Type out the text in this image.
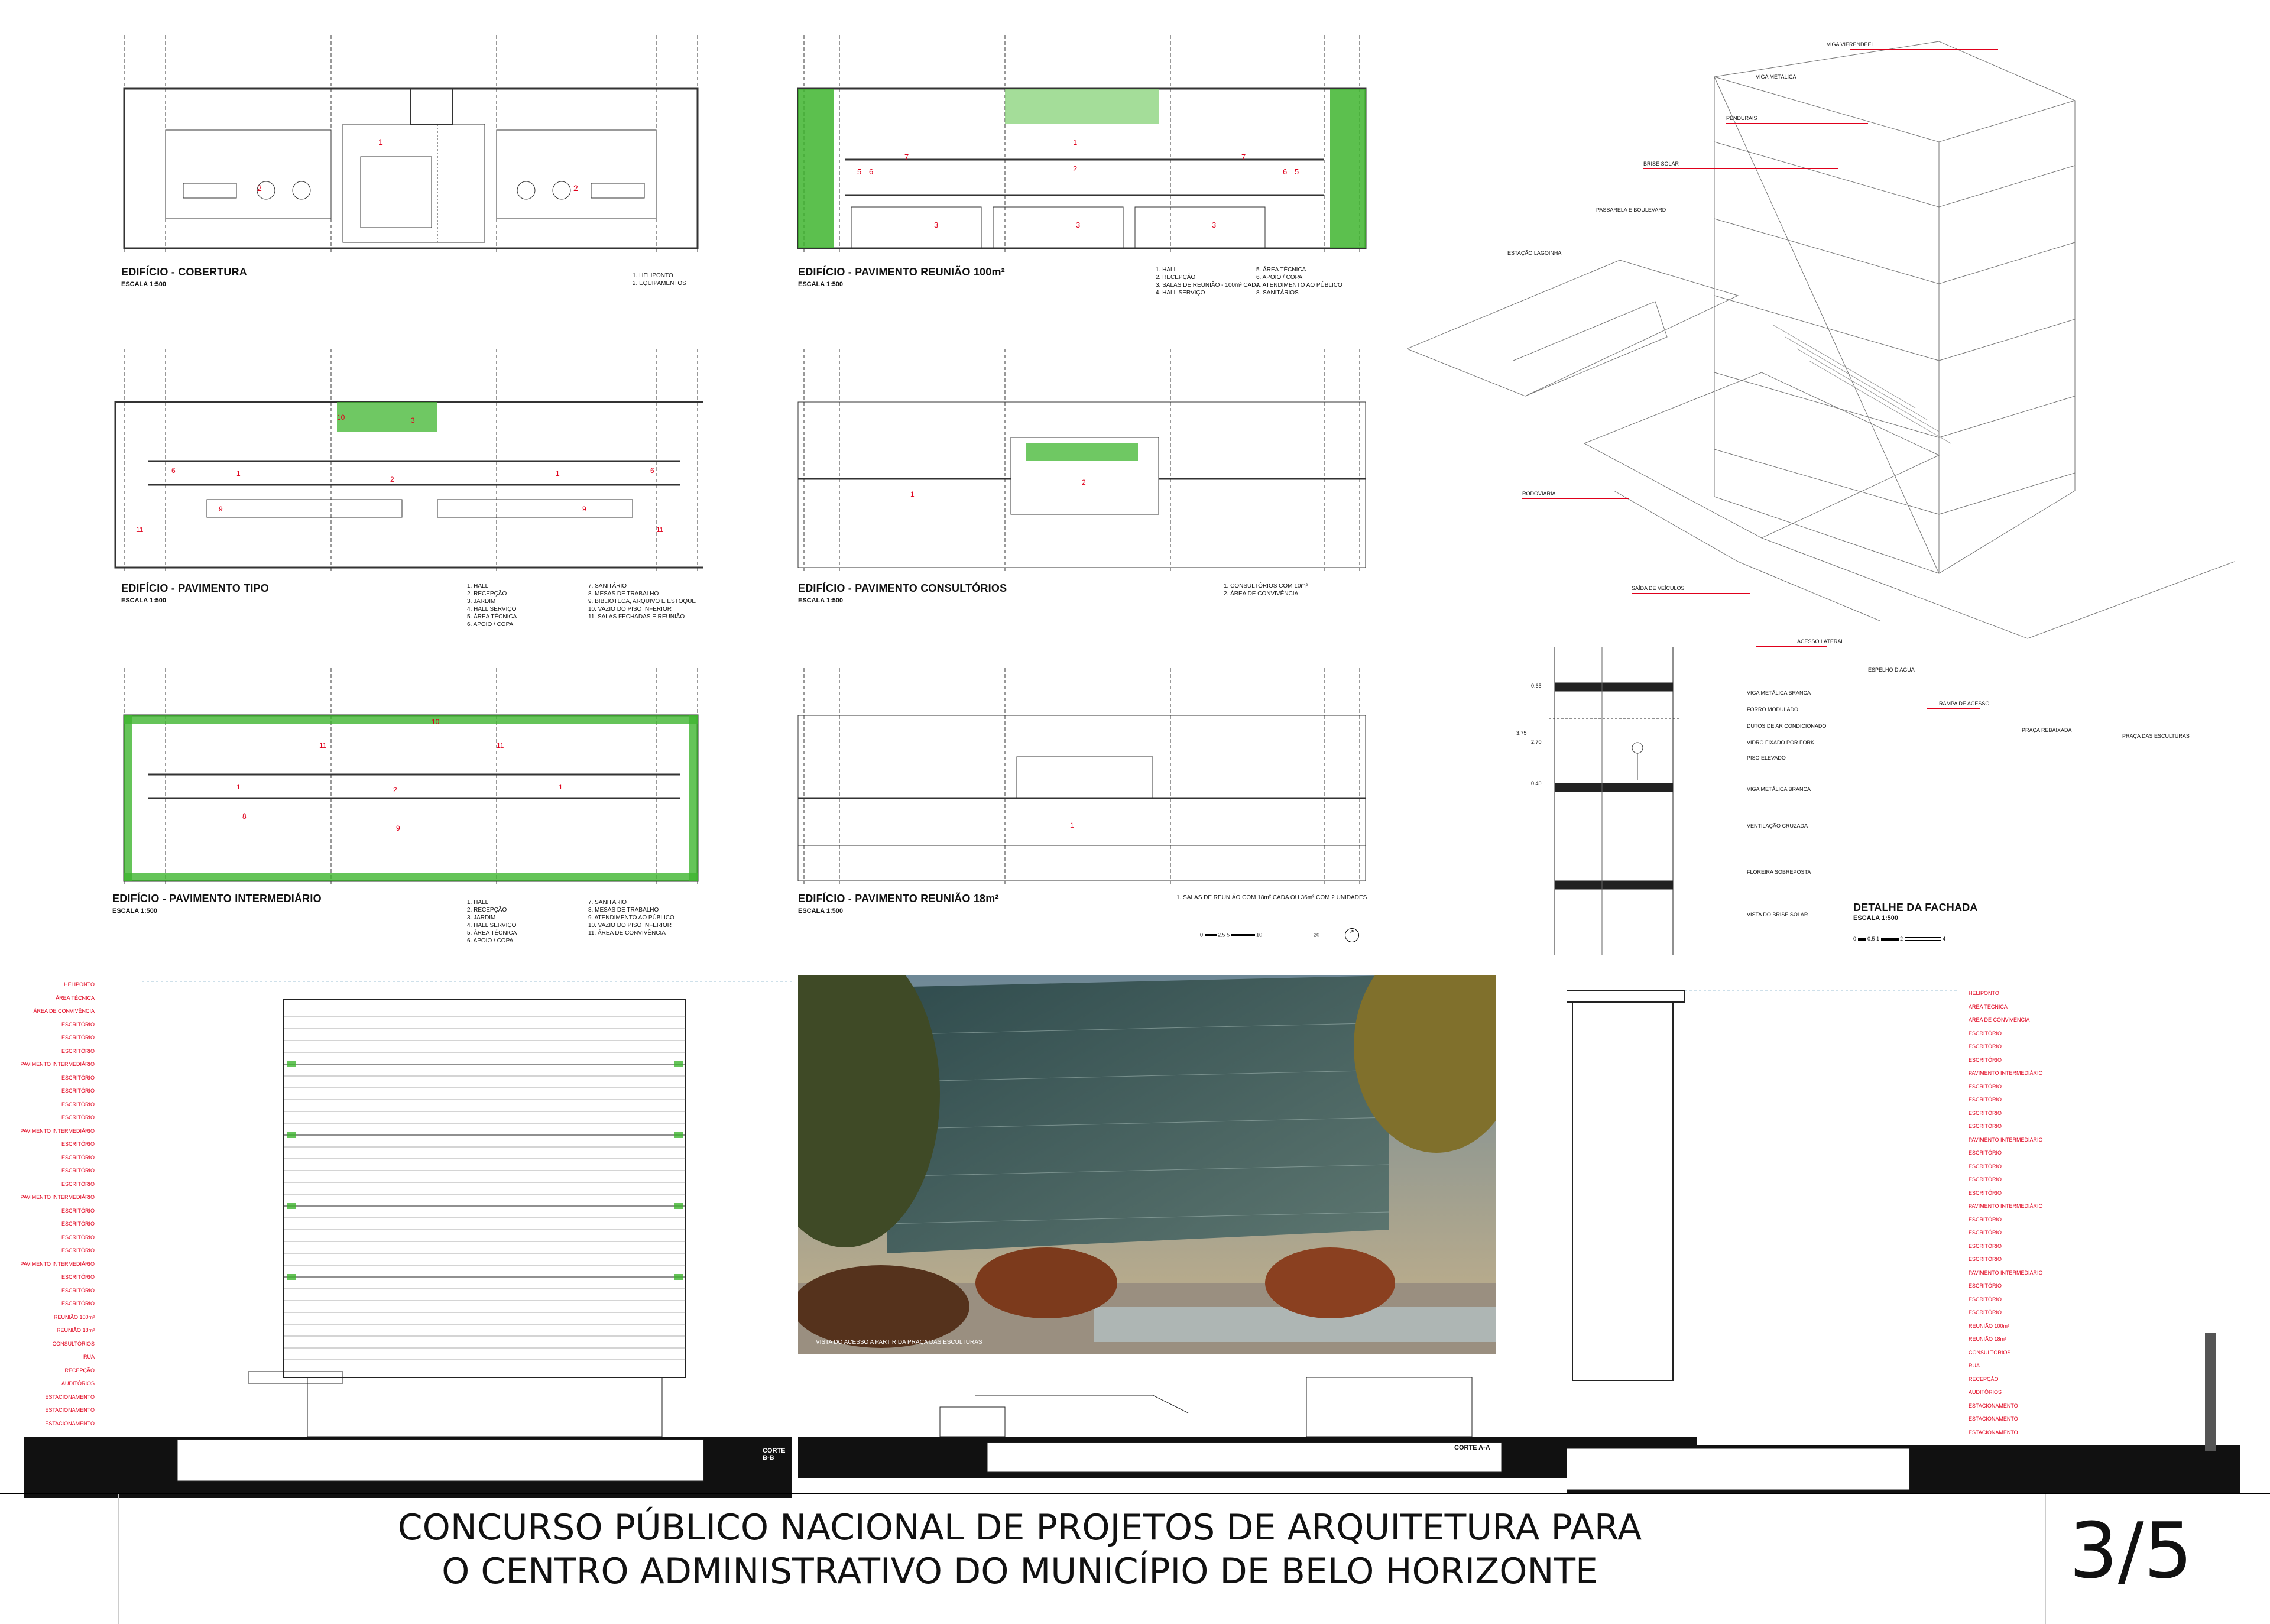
1
2	2
EDIFÍCIO - COBERTURA
ESCALA 1:500
1. HELIPONTO
2. EQUIPAMENTOS
1
2
3	3	3
5	5
6	6
7	7
EDIFÍCIO - PAVIMENTO REUNIÃO 100m²
ESCALA 1:500
1. HALL
2. RECEPÇÃO
3. SALAS DE REUNIÃO - 100m² CADA
4. HALL SERVIÇO
5. ÁREA TÉCNICA
6. APOIO / COPA
7. ATENDIMENTO AO PÚBLICO
8. SANITÁRIOS
2
3
10
1	1
6	6
9	9
11	11
EDIFÍCIO - PAVIMENTO TIPO
ESCALA 1:500
1. HALL
2. RECEPÇÃO
3. JARDIM
4. HALL SERVIÇO
5. ÁREA TÉCNICA
6. APOIO / COPA
7. SANITÁRIO
8. MESAS DE TRABALHO
9. BIBLIOTECA, ARQUIVO E ESTOQUE
10. VAZIO DO PISO INFERIOR
11. SALAS FECHADAS E REUNIÃO
2
1
EDIFÍCIO - PAVIMENTO CONSULTÓRIOS
ESCALA 1:500
1. CONSULTÓRIOS COM 10m²
2. ÁREA DE CONVIVÊNCIA
11	11
2
10
1	1
9
8
EDIFÍCIO - PAVIMENTO INTERMEDIÁRIO
ESCALA 1:500
1. HALL
2. RECEPÇÃO
3. JARDIM
4. HALL SERVIÇO
5. ÁREA TÉCNICA
6. APOIO / COPA
7. SANITÁRIO
8. MESAS DE TRABALHO
9. ATENDIMENTO AO PÚBLICO
10. VAZIO DO PISO INFERIOR
11. ÁREA DE CONVIVÊNCIA
1
EDIFÍCIO - PAVIMENTO REUNIÃO 18m²
ESCALA 1:500
1. SALAS DE REUNIÃO COM 18m² CADA OU 36m² COM 2 UNIDADES
0	2.5 5	10	20	↗
VIGA VIERENDEEL
VIGA METÁLICA
PENDURAIS
BRISE SOLAR
PASSARELA E BOULEVARD
ESTAÇÃO LAGOINHA
RODOVIÁRIA
SAÍDA DE VEÍCULOS
ACESSO LATERAL
ESPELHO D'ÁGUA
RAMPA DE ACESSO
PRAÇA REBAIXADA
PRAÇA DAS ESCULTURAS
VIGA METÁLICA BRANCA
FORRO MODULADO
DUTOS DE AR CONDICIONADO
VIDRO FIXADO POR FORK
PISO ELEVADO
VIGA METÁLICA BRANCA
VENTILAÇÃO CRUZADA
FLOREIRA SOBREPOSTA
VISTA DO BRISE SOLAR
0.65
2.70
3.75
0.40
DETALHE DA FACHADA
ESCALA 1:500
0 0.5 1	2	4
HELIPONTO
ÁREA TÉCNICA
ÁREA DE CONVIVÊNCIA
ESCRITÓRIO
ESCRITÓRIO
ESCRITÓRIO
PAVIMENTO INTERMEDIÁRIO
ESCRITÓRIO
ESCRITÓRIO
ESCRITÓRIO
ESCRITÓRIO
PAVIMENTO INTERMEDIÁRIO
ESCRITÓRIO
ESCRITÓRIO
ESCRITÓRIO
ESCRITÓRIO
PAVIMENTO INTERMEDIÁRIO
ESCRITÓRIO
ESCRITÓRIO
ESCRITÓRIO
ESCRITÓRIO
PAVIMENTO INTERMEDIÁRIO
ESCRITÓRIO
ESCRITÓRIO
ESCRITÓRIO
REUNIÃO 100m²
REUNIÃO 18m²
CONSULTÓRIOS
RUA
RECEPÇÃO
AUDITÓRIOS
ESTACIONAMENTO
ESTACIONAMENTO
ESTACIONAMENTO
CORTE B-B
VISTA DO ACESSO A PARTIR DA PRAÇA DAS ESCULTURAS
CORTE A-A
HELIPONTO
ÁREA TÉCNICA
ÁREA DE CONVIVÊNCIA
ESCRITÓRIO
ESCRITÓRIO
ESCRITÓRIO
PAVIMENTO INTERMEDIÁRIO
ESCRITÓRIO
ESCRITÓRIO
ESCRITÓRIO
ESCRITÓRIO
PAVIMENTO INTERMEDIÁRIO
ESCRITÓRIO
ESCRITÓRIO
ESCRITÓRIO
ESCRITÓRIO
PAVIMENTO INTERMEDIÁRIO
ESCRITÓRIO
ESCRITÓRIO
ESCRITÓRIO
ESCRITÓRIO
PAVIMENTO INTERMEDIÁRIO
ESCRITÓRIO
ESCRITÓRIO
ESCRITÓRIO
REUNIÃO 100m²
REUNIÃO 18m²
CONSULTÓRIOS
RUA
RECEPÇÃO
AUDITÓRIOS
ESTACIONAMENTO
ESTACIONAMENTO
ESTACIONAMENTO
CONCURSO PÚBLICO NACIONAL DE PROJETOS DE ARQUITETURA PARA
O CENTRO ADMINISTRATIVO DO MUNICÍPIO DE BELO HORIZONTE	3/5
